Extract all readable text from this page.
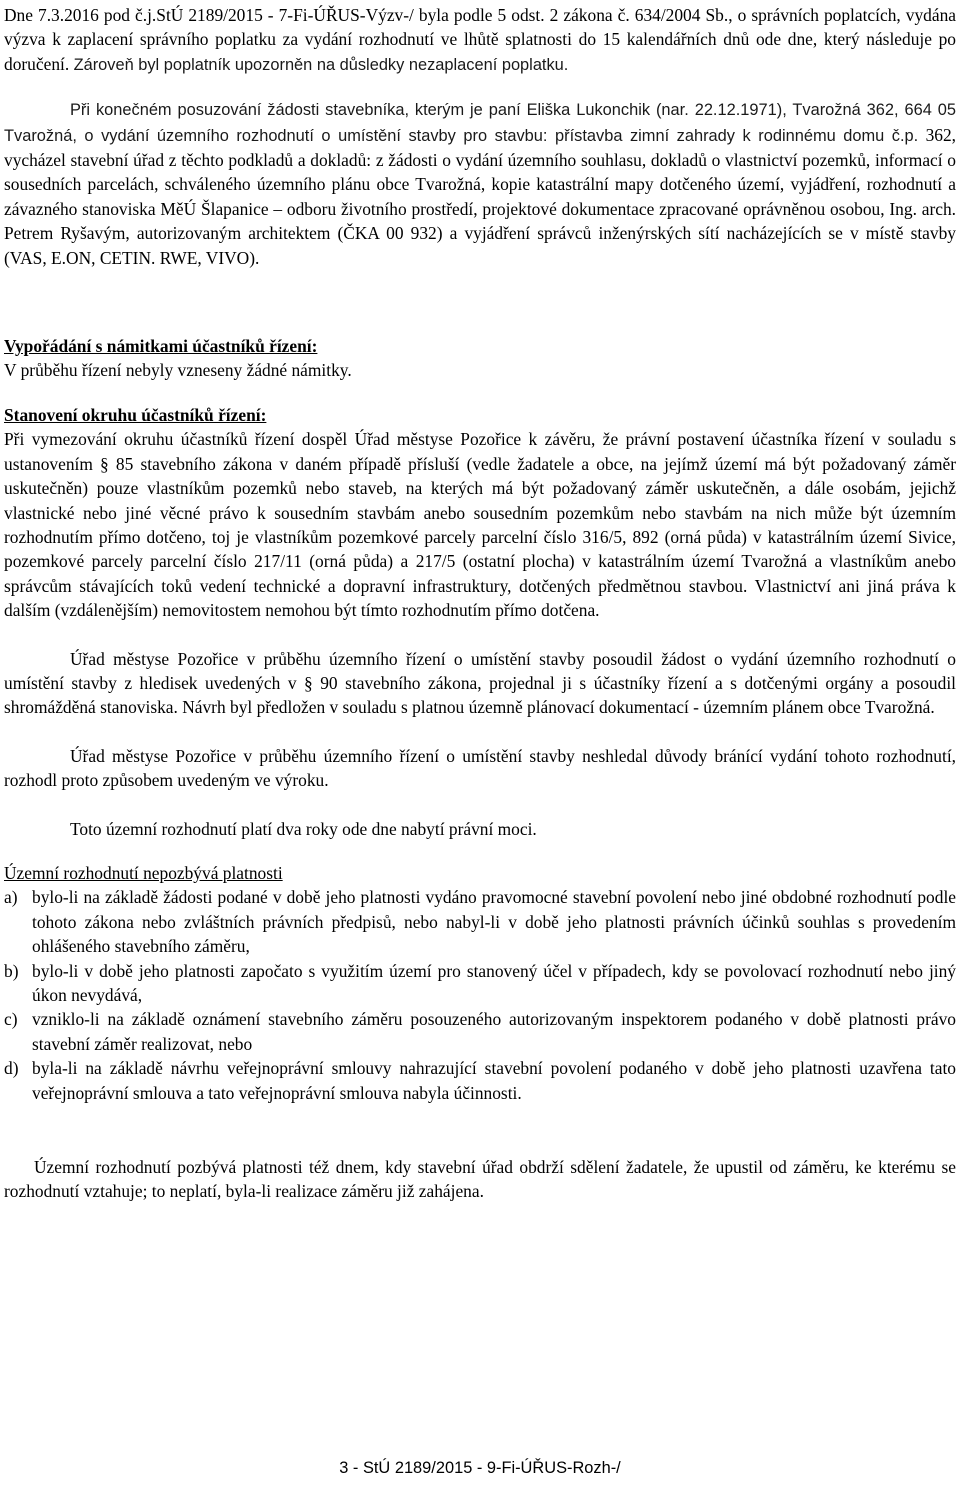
Dne 7.3.2016 pod č.j.StÚ 2189/2015 - 7-Fi-ÚŘUS-Výzv-/ byla podle 5 odst. 2 zákona č. 634/2004 Sb., o správních poplatcích, vydána výzva k zaplacení správního poplatku za vydání rozhodnutí ve lhůtě splatnosti do 15 kalendářních dnů ode dne, který následuje po doručení. Zároveň byl poplatník upozorněn na důsledky nezaplacení poplatku.

Při konečném posuzování žádosti stavebníka, kterým je paní Eliška Lukonchik (nar. 22.12.1971), Tvarožná 362, 664 05 Tvarožná, o vydání územního rozhodnutí o umístění stavby pro stavbu: přístavba zimní zahrady k rodinnému domu č.p. 362, vycházel stavební úřad z těchto podkladů a dokladů: z žádosti o vydání územního souhlasu, dokladů o vlastnictví pozemků, informací o sousedních parcelách, schváleného územního plánu obce Tvarožná, kopie katastrální mapy dotčeného území, vyjádření, rozhodnutí a závazného stanoviska MěÚ Šlapanice – odboru životního prostředí, projektové dokumentace zpracované oprávněnou osobou, Ing. arch. Petrem Ryšavým, autorizovaným architektem (ČKA 00 932) a vyjádření správců inženýrských sítí nacházejících se v místě stavby (VAS, E.ON, CETIN. RWE, VIVO).

Vypořádání s námitkami účastníků řízení:
V průběhu řízení nebyly vzneseny žádné námitky.

Stanovení okruhu účastníků řízení:
Při vymezování okruhu účastníků řízení dospěl Úřad městyse Pozořice k závěru, že právní postavení účastníka řízení v souladu s ustanovením § 85 stavebního zákona v daném případě přísluší (vedle žadatele a obce, na jejímž území má být požadovaný záměr uskutečněn) pouze vlastníkům pozemků nebo staveb, na kterých má být požadovaný záměr uskutečněn, a dále osobám, jejichž vlastnické nebo jiné věcné právo k sousedním stavbám anebo sousedním pozemkům nebo stavbám na nich může být územním rozhodnutím přímo dotčeno, toj je vlastníkům pozemkové parcely parcelní číslo 316/5, 892 (orná půda) v katastrálním území Sivice, pozemkové parcely parcelní číslo 217/11 (orná půda) a 217/5 (ostatní plocha) v katastrálním území Tvarožná a vlastníkům anebo správcům stávajících toků vedení technické a dopravní infrastruktury, dotčených předmětnou stavbou. Vlastnictví ani jiná práva k dalším (vzdálenějším) nemovitostem nemohou být tímto rozhodnutím přímo dotčena.

Úřad městyse Pozořice v průběhu územního řízení o umístění stavby posoudil žádost o vydání územního rozhodnutí o umístění stavby z hledisek uvedených v § 90 stavebního zákona, projednal ji s účastníky řízení a s dotčenými orgány a posoudil shromážděná stanoviska. Návrh byl předložen v souladu s platnou územně plánovací dokumentací - územním plánem obce Tvarožná.

Úřad městyse Pozořice v průběhu územního řízení o umístění stavby neshledal důvody bránící vydání tohoto rozhodnutí, rozhodl proto způsobem uvedeným ve výroku.

Toto územní rozhodnutí platí dva roky ode dne nabytí právní moci.

Územní rozhodnutí nepozbývá platnosti

a) bylo-li na základě žádosti podané v době jeho platnosti vydáno pravomocné stavební povolení nebo jiné obdobné rozhodnutí podle tohoto zákona nebo zvláštních právních předpisů, nebo nabyl-li v době jeho platnosti právních účinků souhlas s provedením ohlášeného stavebního záměru,
b) bylo-li v době jeho platnosti započato s využitím území pro stanovený účel v případech, kdy se povolovací rozhodnutí nebo jiný úkon nevydává,
c) vzniklo-li na základě oznámení stavebního záměru posouzeného autorizovaným inspektorem podaného v době platnosti právo stavební záměr realizovat, nebo
d) byla-li na základě návrhu veřejnoprávní smlouvy nahrazující stavební povolení podaného v době jeho platnosti uzavřena tato veřejnoprávní smlouva a tato veřejnoprávní smlouva nabyla účinnosti.

Územní rozhodnutí pozbývá platnosti též dnem, kdy stavební úřad obdrží sdělení žadatele, že upustil od záměru, ke kterému se rozhodnutí vztahuje; to neplatí, byla-li realizace záměru již zahájena.

3 - StÚ 2189/2015 - 9-Fi-ÚŘUS-Rozh-/
